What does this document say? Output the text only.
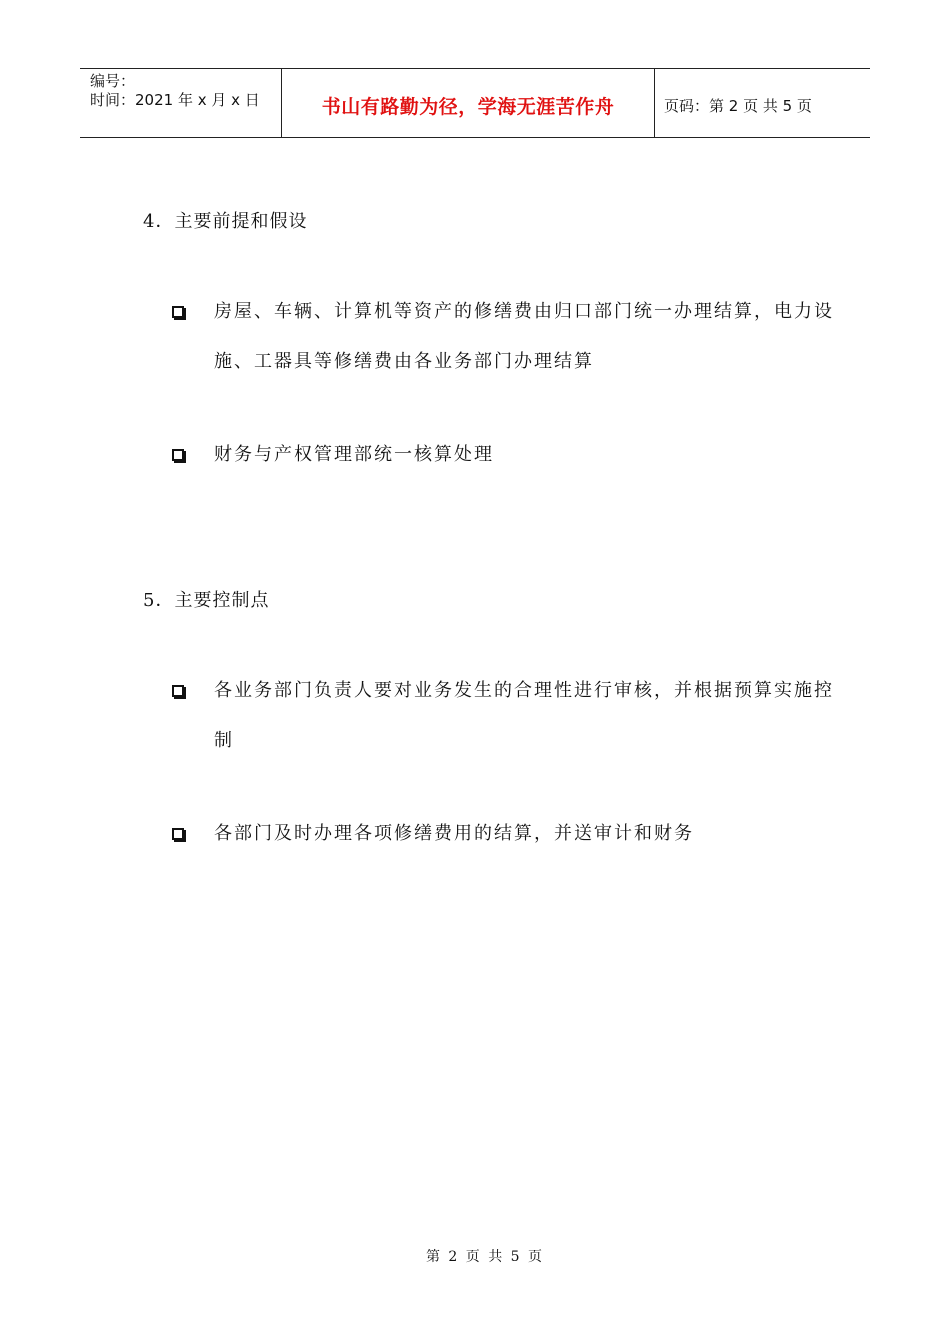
编号：
时间：2021 年 x 月 x 日	书山有路勤为径，学海无涯苦作舟	页码：第 2 页 共 5 页
4．主要前提和假设
房屋、车辆、计算机等资产的修缮费由归口部门统一办理结算，电力设施、工器具等修缮费由各业务部门办理结算
财务与产权管理部统一核算处理
5．主要控制点
各业务部门负责人要对业务发生的合理性进行审核，并根据预算实施控制
各部门及时办理各项修缮费用的结算，并送审计和财务
第 2 页 共 5 页
